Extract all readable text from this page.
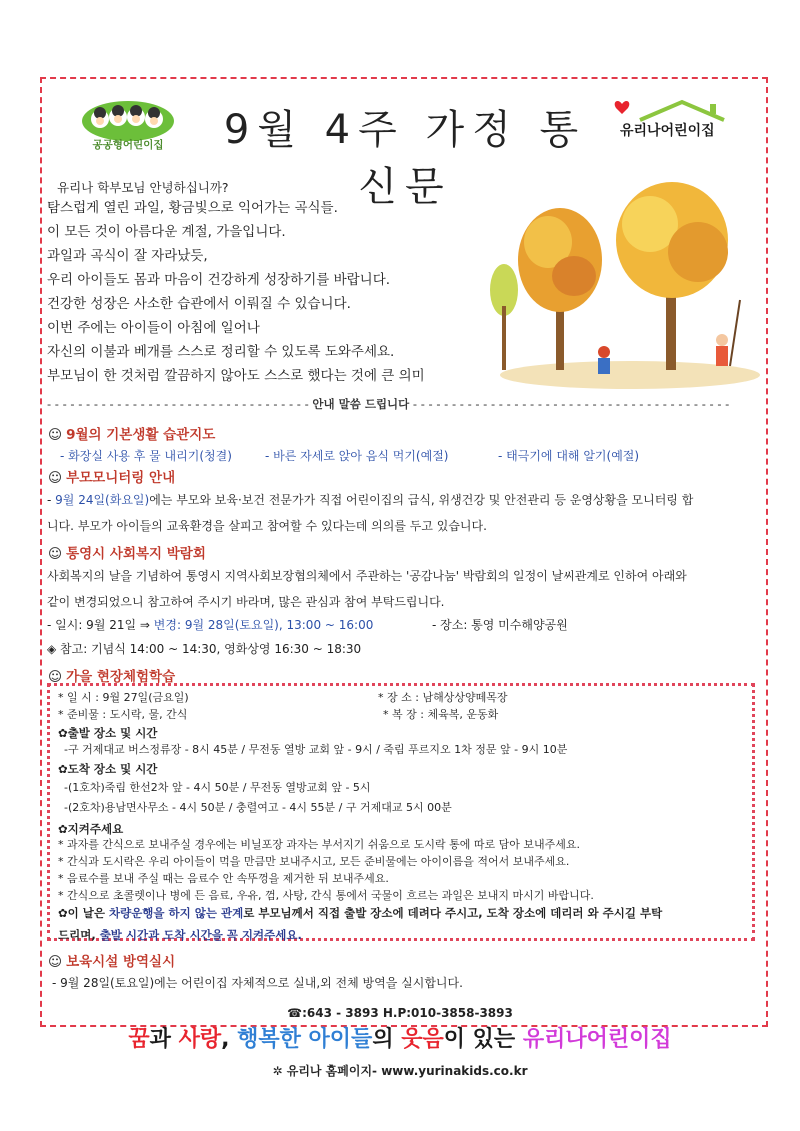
공공형어린이집	9월 4주 가정 통신문
유리나어린이집

유리나 학부모님 안녕하십니까?

탐스럽게 열린 과일, 황금빛으로 익어가는 곡식들.

이 모든 것이 아름다운 계절, 가을입니다.

과일과 곡식이 잘 자라났듯,

우리 아이들도 몸과 마음이 건강하게 성장하기를 바랍니다.

건강한 성장은 사소한 습관에서 이뤄질 수 있습니다.

이번 주에는 아이들이 아침에 일어나

자신의 이불과 베개를 스스로 정리할 수 있도록 도와주세요.

부모님이 한 것처럼 깔끔하지 않아도 스스로 했다는 것에 큰 의미

- - - - - - - - - - - - - - - - - - - - - - - - - - - - - - - - - - 안내 말씀 드립니다 - - - - - - - - - - - - - - - - - - - - - - - - - - - - - - - - - - - - - - - - -
☺ 9월의 기본생활 습관지도
- 화장실 사용 후 물 내리기(청결)	- 바른 자세로 앉아 음식 먹기(예절)	- 태극기에 대해 알기(예절)
☺ 부모모니터링 안내
- 9월 24일(화요일)에는 부모와 보육·보건 전문가가 직접 어린이집의 급식, 위생건강 및 안전관리 등 운영상황을 모니터링 합
니다. 부모가 아이들의 교육환경을 살피고 참여할 수 있다는데 의의를 두고 있습니다.
☺ 통영시 사회복지 박람회
사회복지의 날을 기념하여 통영시 지역사회보장협의체에서 주관하는 '공감나눔' 박람회의 일정이 날씨관계로 인하여 아래와
같이 변경되었으니 참고하여 주시기 바라며, 많은 관심과 참여 부탁드립니다.
- 일시: 9월 21일 ⇒ 변경: 9월 28일(토요일), 13:00 ~ 16:00	- 장소: 통영 미수해양공원
◈ 참고: 기념식 14:00 ~ 14:30, 영화상영 16:30 ~ 18:30
☺ 가을 현장체험학습
* 일 시 : 9월 27일(금요일)	* 장 소 : 남해상상양떼목장
* 준비물 : 도시락, 물, 간식	* 복 장 : 체육복, 운동화
✿출발 장소 및 시간
-구 거제대교 버스정류장 - 8시 45분 / 무전동 열방 교회 앞 - 9시 / 죽림 푸르지오 1차 정문 앞 - 9시 10분
✿도착 장소 및 시간
-(1호차)죽림 한선2차 앞 - 4시 50분 / 무전동 열방교회 앞 - 5시
-(2호차)용남면사무소 - 4시 50분 / 충렬여고 - 4시 55분 / 구 거제대교 5시 00분
✿지켜주세요
* 과자를 간식으로 보내주실 경우에는 비닐포장 과자는 부서지기 쉬움으로 도시락 통에 따로 담아 보내주세요.
* 간식과 도시락은 우리 아이들이 먹을 만큼만 보내주시고, 모든 준비물에는 아이이름을 적어서 보내주세요.
* 음료수를 보내 주실 때는 음료수 안 속뚜껑을 제거한 뒤 보내주세요.
* 간식으로 초콜렛이나 병에 든 음료, 우유, 껌, 사탕, 간식 통에서 국물이 흐르는 과일은 보내지 마시기 바랍니다.
✿이 날은 차량운행을 하지 않는 관계로 부모님께서 직접 출발 장소에 데려다 주시고, 도착 장소에 데리러 와 주시길 부탁
드리며, 출발 시간과 도착 시간을 꼭 지켜주세요.
☺ 보육시설 방역실시
- 9월 28일(토요일)에는 어린이집 자체적으로 실내,외 전체 방역을 실시합니다.
☎:643 - 3893 H.P:010-3858-3893
꿈과 사랑, 행복한 아이들의 웃음이 있는 유리나어린이집
✲ 유리나 홈페이지- www.yurinakids.co.kr
